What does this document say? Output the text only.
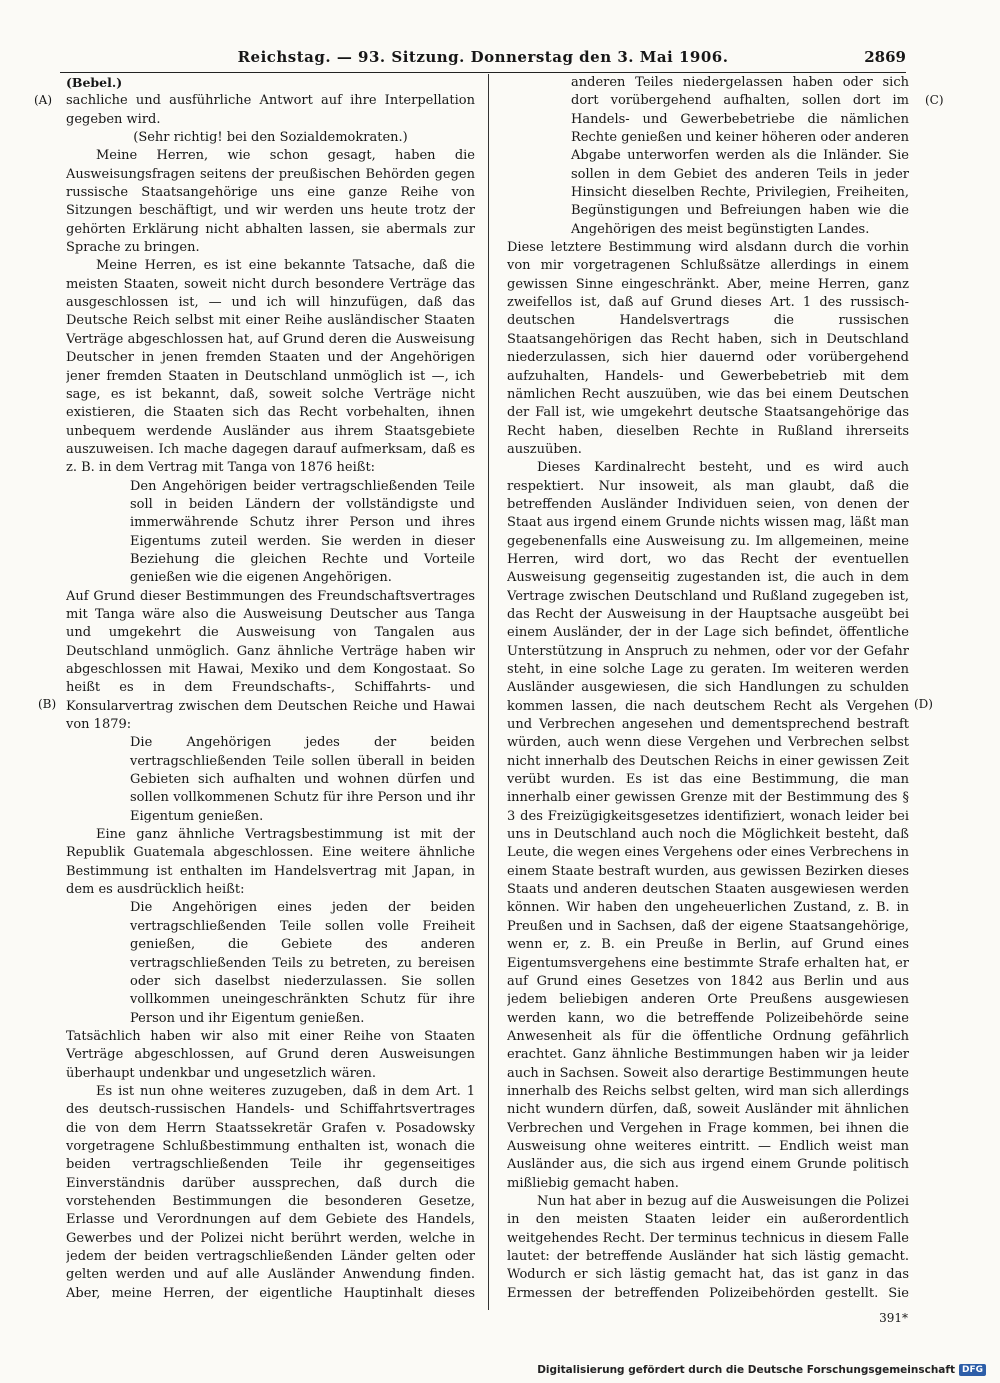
Reichstag. — 93. Sitzung. Donnerstag den 3. Mai 1906.	2869
(A)
(B)
(C)
(D)

(Bebel.)

sachliche und ausführliche Antwort auf ihre Interpellation gegeben wird.

(Sehr richtig! bei den Sozialdemokraten.)

Meine Herren, wie schon gesagt, haben die Ausweisungsfragen seitens der preußischen Behörden gegen russische Staatsangehörige uns eine ganze Reihe von Sitzungen beschäftigt, und wir werden uns heute trotz der gehörten Erklärung nicht abhalten lassen, sie abermals zur Sprache zu bringen.

Meine Herren, es ist eine bekannte Tatsache, daß die meisten Staaten, soweit nicht durch besondere Verträge das ausgeschlossen ist, — und ich will hinzufügen, daß das Deutsche Reich selbst mit einer Reihe ausländischer Staaten Verträge abgeschlossen hat, auf Grund deren die Ausweisung Deutscher in jenen fremden Staaten und der Angehörigen jener fremden Staaten in Deutschland unmöglich ist —, ich sage, es ist bekannt, daß, soweit solche Verträge nicht existieren, die Staaten sich das Recht vorbehalten, ihnen unbequem werdende Ausländer aus ihrem Staatsgebiete auszuweisen. Ich mache dagegen darauf aufmerksam, daß es z. B. in dem Vertrag mit Tanga von 1876 heißt:

Den Angehörigen beider vertragschließenden Teile soll in beiden Ländern der vollständigste und immerwährende Schutz ihrer Person und ihres Eigentums zuteil werden. Sie werden in dieser Beziehung die gleichen Rechte und Vorteile genießen wie die eigenen Angehörigen.

Auf Grund dieser Bestimmungen des Freundschaftsvertrages mit Tanga wäre also die Ausweisung Deutscher aus Tanga und umgekehrt die Ausweisung von Tangalen aus Deutschland unmöglich. Ganz ähnliche Verträge haben wir abgeschlossen mit Hawai, Mexiko und dem Kongostaat. So heißt es in dem Freundschafts-, Schiffahrts- und Konsularvertrag zwischen dem Deutschen Reiche und Hawai von 1879:

Die Angehörigen jedes der beiden vertragschließenden Teile sollen überall in beiden Gebieten sich aufhalten und wohnen dürfen und sollen vollkommenen Schutz für ihre Person und ihr Eigentum genießen.

Eine ganz ähnliche Vertragsbestimmung ist mit der Republik Guatemala abgeschlossen. Eine weitere ähnliche Bestimmung ist enthalten im Handelsvertrag mit Japan, in dem es ausdrücklich heißt:

Die Angehörigen eines jeden der beiden vertragschließenden Teile sollen volle Freiheit genießen, die Gebiete des anderen vertragschließenden Teils zu betreten, zu bereisen oder sich daselbst niederzulassen. Sie sollen vollkommen uneingeschränkten Schutz für ihre Person und ihr Eigentum genießen.

Tatsächlich haben wir also mit einer Reihe von Staaten Verträge abgeschlossen, auf Grund deren Ausweisungen überhaupt undenkbar und ungesetzlich wären.

Es ist nun ohne weiteres zuzugeben, daß in dem Art. 1 des deutsch-russischen Handels- und Schiffahrtsvertrages die von dem Herrn Staatssekretär Grafen v. Posadowsky vorgetragene Schlußbestimmung enthalten ist, wonach die beiden vertragschließenden Teile ihr gegenseitiges Einverständnis darüber aussprechen, daß durch die vorstehenden Bestimmungen die besonderen Gesetze, Erlasse und Verordnungen auf dem Gebiete des Handels, Gewerbes und der Polizei nicht berührt werden, welche in jedem der beiden vertragschließenden Länder gelten oder gelten werden und auf alle Ausländer Anwendung finden. Aber, meine Herren, der eigentliche Hauptinhalt dieses

anderen Teiles niedergelassen haben oder sich dort vorübergehend aufhalten, sollen dort im Handels- und Gewerbebetriebe die nämlichen Rechte genießen und keiner höheren oder anderen Abgabe unterworfen werden als die Inländer. Sie sollen in dem Gebiet des anderen Teils in jeder Hinsicht dieselben Rechte, Privilegien, Freiheiten, Begünstigungen und Befreiungen haben wie die Angehörigen des meist begünstigten Landes.

Diese letztere Bestimmung wird alsdann durch die vorhin von mir vorgetragenen Schlußsätze allerdings in einem gewissen Sinne eingeschränkt. Aber, meine Herren, ganz zweifellos ist, daß auf Grund dieses Art. 1 des russisch-deutschen Handelsvertrags die russischen Staatsangehörigen das Recht haben, sich in Deutschland niederzulassen, sich hier dauernd oder vorübergehend aufzuhalten, Handels- und Gewerbebetrieb mit dem nämlichen Recht auszuüben, wie das bei einem Deutschen der Fall ist, wie umgekehrt deutsche Staatsangehörige das Recht haben, dieselben Rechte in Rußland ihrerseits auszuüben.

Dieses Kardinalrecht besteht, und es wird auch respektiert. Nur insoweit, als man glaubt, daß die betreffenden Ausländer Individuen seien, von denen der Staat aus irgend einem Grunde nichts wissen mag, läßt man gegebenenfalls eine Ausweisung zu. Im allgemeinen, meine Herren, wird dort, wo das Recht der eventuellen Ausweisung gegenseitig zugestanden ist, die auch in dem Vertrage zwischen Deutschland und Rußland zugegeben ist, das Recht der Ausweisung in der Hauptsache ausgeübt bei einem Ausländer, der in der Lage sich befindet, öffentliche Unterstützung in Anspruch zu nehmen, oder vor der Gefahr steht, in eine solche Lage zu geraten. Im weiteren werden Ausländer ausgewiesen, die sich Handlungen zu schulden kommen lassen, die nach deutschem Recht als Vergehen und Verbrechen angesehen und dementsprechend bestraft würden, auch wenn diese Vergehen und Verbrechen selbst nicht innerhalb des Deutschen Reichs in einer gewissen Zeit verübt wurden. Es ist das eine Bestimmung, die man innerhalb einer gewissen Grenze mit der Bestimmung des § 3 des Freizügigkeitsgesetzes identifiziert, wonach leider bei uns in Deutschland auch noch die Möglichkeit besteht, daß Leute, die wegen eines Vergehens oder eines Verbrechens in einem Staate bestraft wurden, aus gewissen Bezirken dieses Staats und anderen deutschen Staaten ausgewiesen werden können. Wir haben den ungeheuerlichen Zustand, z. B. in Preußen und in Sachsen, daß der eigene Staatsangehörige, wenn er, z. B. ein Preuße in Berlin, auf Grund eines Eigentumsvergehens eine bestimmte Strafe erhalten hat, er auf Grund eines Gesetzes von 1842 aus Berlin und aus jedem beliebigen anderen Orte Preußens ausgewiesen werden kann, wo die betreffende Polizeibehörde seine Anwesenheit als für die öffentliche Ordnung gefährlich erachtet. Ganz ähnliche Bestimmungen haben wir ja leider auch in Sachsen. Soweit also derartige Bestimmungen heute innerhalb des Reichs selbst gelten, wird man sich allerdings nicht wundern dürfen, daß, soweit Ausländer mit ähnlichen Verbrechen und Vergehen in Frage kommen, bei ihnen die Ausweisung ohne weiteres eintritt. — Endlich weist man Ausländer aus, die sich aus irgend einem Grunde politisch mißliebig gemacht haben.

Nun hat aber in bezug auf die Ausweisungen die Polizei in den meisten Staaten leider ein außerordentlich weitgehendes Recht. Der terminus technicus in diesem Falle lautet: der betreffende Ausländer hat sich lästig gemacht. Wodurch er sich lästig gemacht hat, das ist ganz in das Ermessen der betreffenden Polizeibehörden gestellt. Sie

391*
Digitalisierung gefördert durch die Deutsche Forschungsgemeinschaft DFG
